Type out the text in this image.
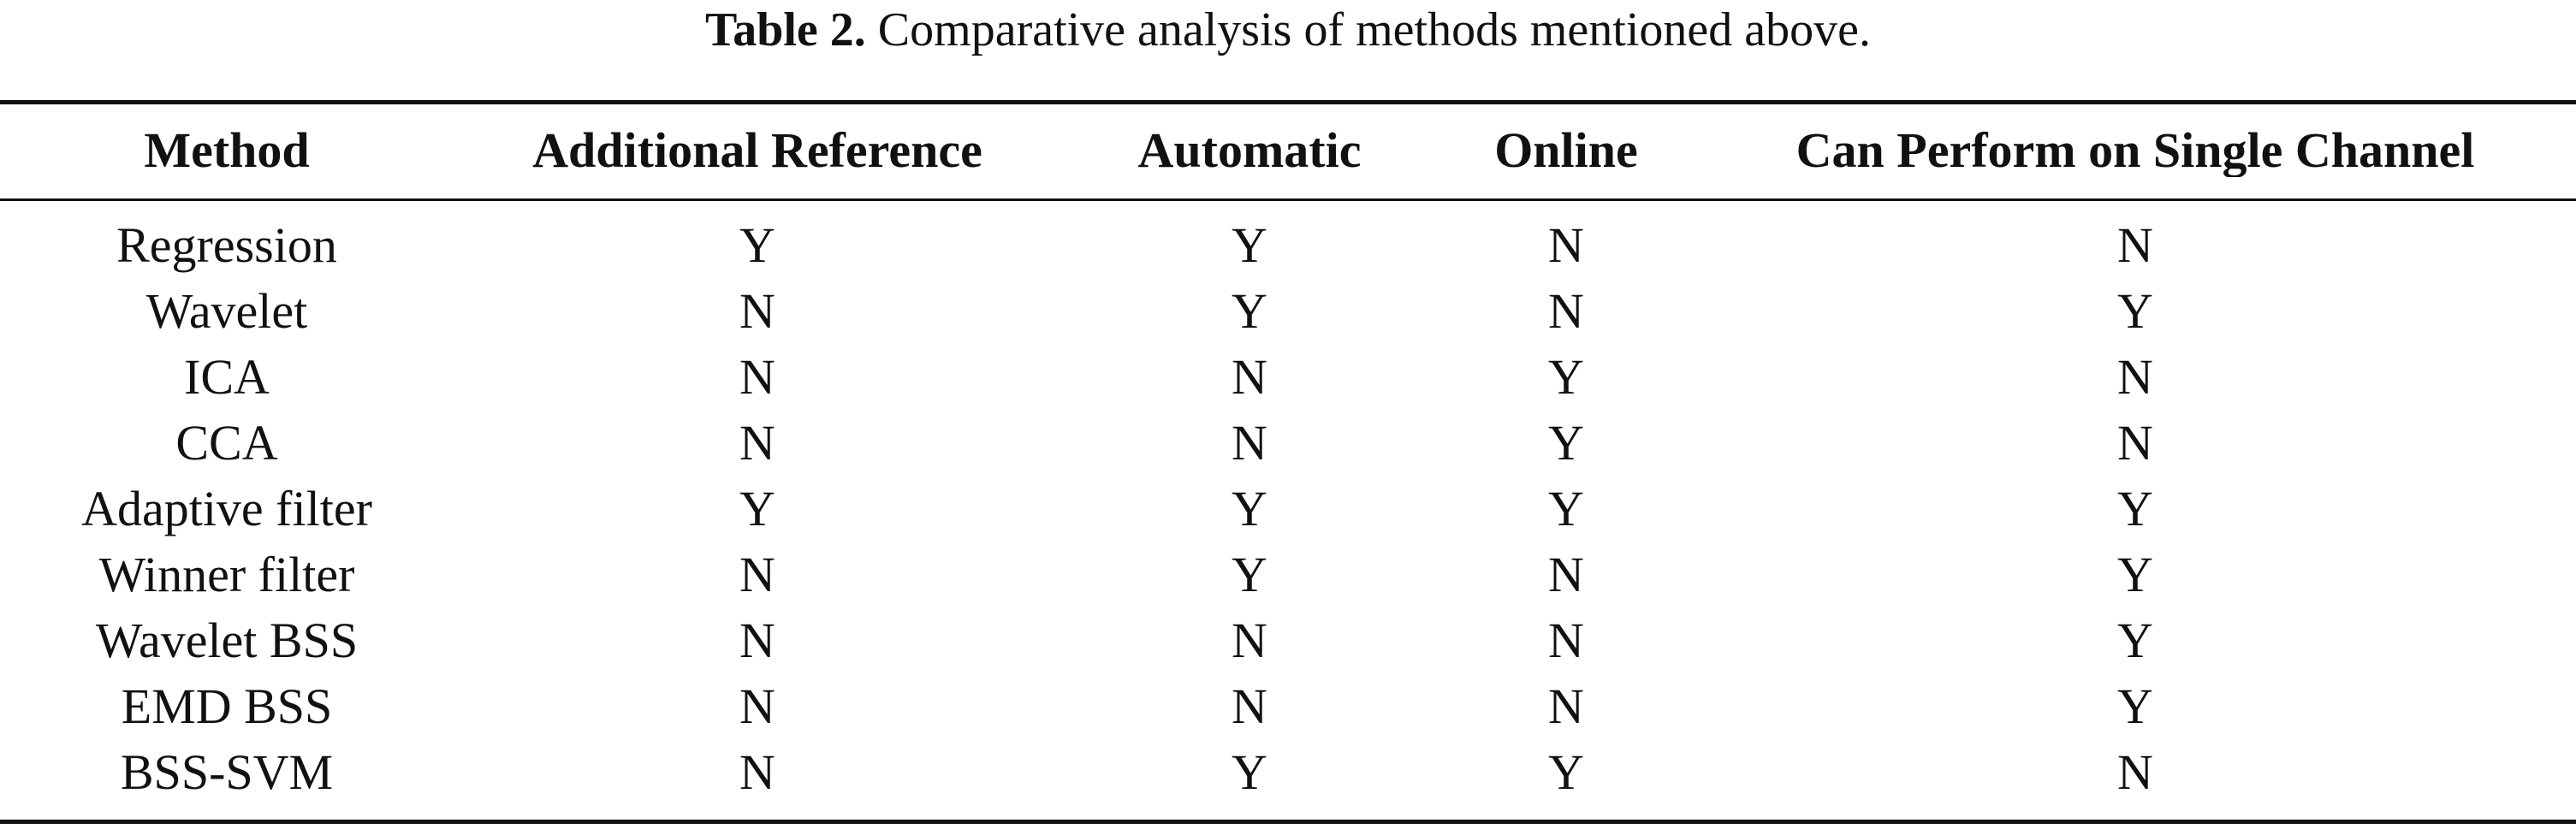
Table 2. Comparative analysis of methods mentioned above.
Method	Additional Reference	Automatic	Online	Can Perform on Single Channel
Regression	Y	Y	N	N
Wavelet	N	Y	N	Y
ICA	N	N	Y	N
CCA	N	N	Y	N
Adaptive filter	Y	Y	Y	Y
Winner filter	N	Y	N	Y
Wavelet BSS	N	N	N	Y
EMD BSS	N	N	N	Y
BSS-SVM	N	Y	Y	N
